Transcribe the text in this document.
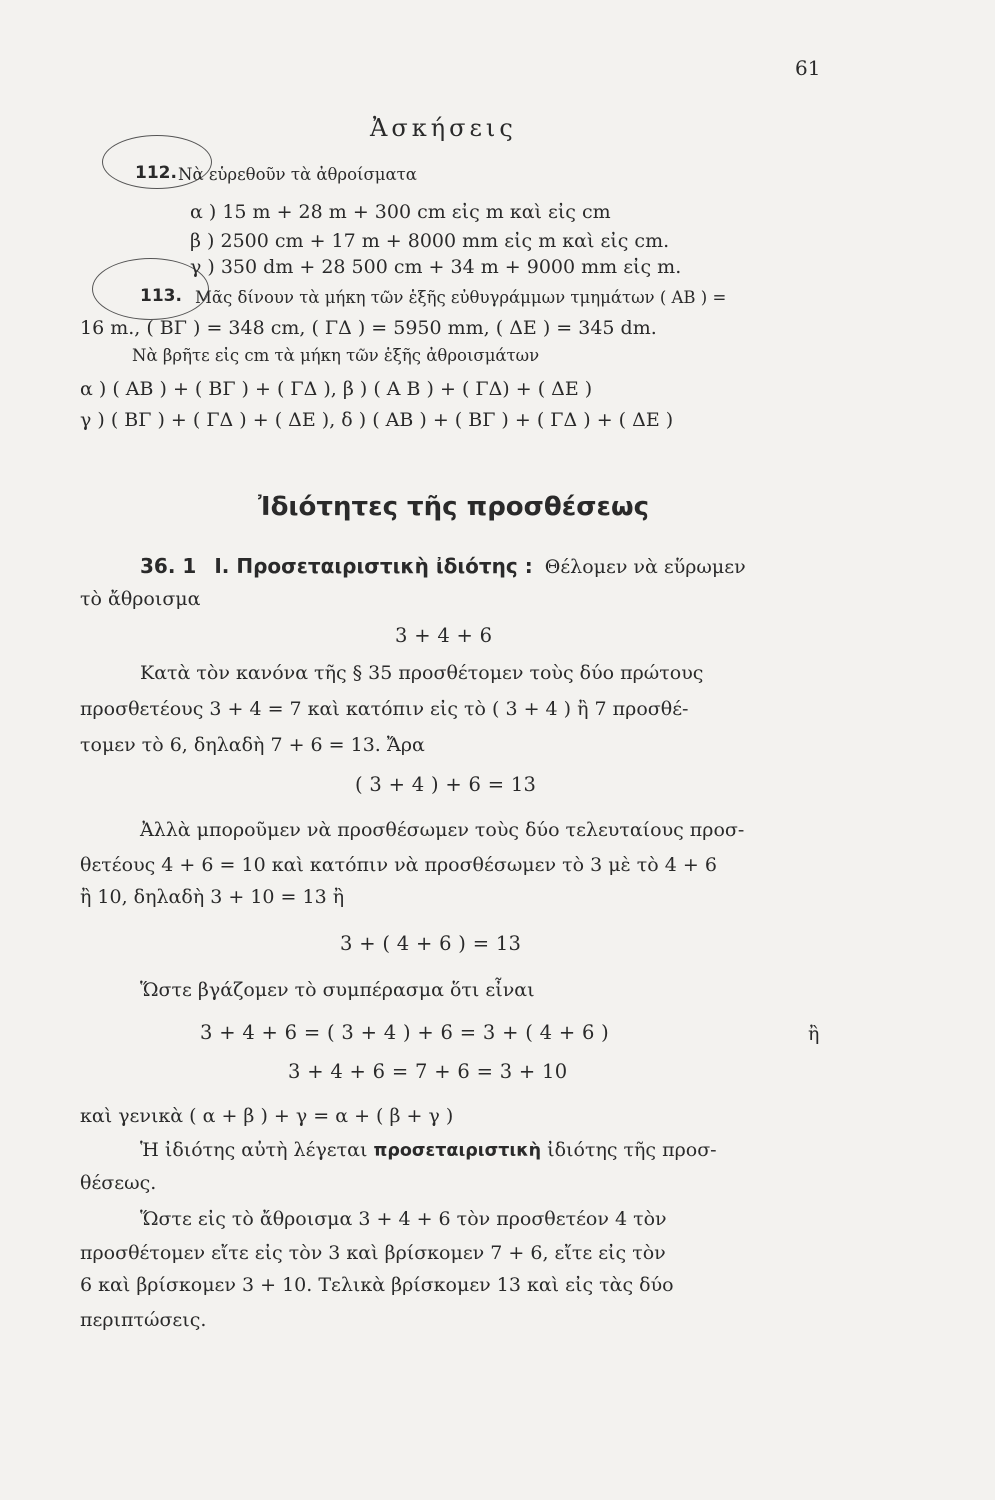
61
Ἀσκήσεις
112. Νὰ εὑρεθοῦν τὰ ἀθροίσματα
α ) 15 m + 28 m + 300 cm εἰς m καὶ εἰς cm
β ) 2500 cm + 17 m + 8000 mm εἰς m καὶ εἰς cm.
γ ) 350 dm + 28 500 cm + 34 m + 9000 mm εἰς m.
113. Μᾶς δίνουν τὰ μήκη τῶν ἑξῆς εὐθυγράμμων τμημάτων ( ΑΒ ) =
16 m., ( ΒΓ ) = 348 cm, ( ΓΔ ) = 5950 mm, ( ΔΕ ) = 345 dm.
Νὰ βρῆτε εἰς cm τὰ μήκη τῶν ἑξῆς ἀθροισμάτων
α ) ( ΑΒ ) + ( ΒΓ ) + ( ΓΔ ), β ) ( Α Β ) + ( ΓΔ) + ( ΔΕ )
γ ) ( ΒΓ ) + ( ΓΔ ) + ( ΔΕ ), δ ) ( ΑΒ ) + ( ΒΓ ) + ( ΓΔ ) + ( ΔΕ )
Ἰδιότητες τῆς προσθέσεως
36. 1 Ι. Προσεταιριστικὴ ἰδιότης : Θέλομεν νὰ εὕρωμεν
τὸ ἄθροισμα
3 + 4 + 6
Κατὰ τὸν κανόνα τῆς § 35 προσθέτομεν τοὺς δύο πρώτους
προσθετέους 3 + 4 = 7 καὶ κατόπιν εἰς τὸ ( 3 + 4 ) ἢ 7 προσθέ-
τομεν τὸ 6, δηλαδὴ 7 + 6 = 13. Ἄρα
( 3 + 4 ) + 6 = 13
Ἀλλὰ μποροῦμεν νὰ προσθέσωμεν τοὺς δύο τελευταίους προσ-
θετέους 4 + 6 = 10 καὶ κατόπιν νὰ προσθέσωμεν τὸ 3 μὲ τὸ 4 + 6
ἢ 10, δηλαδὴ 3 + 10 = 13 ἢ
3 + ( 4 + 6 ) = 13
Ὥστε βγάζομεν τὸ συμπέρασμα ὅτι εἶναι
3 + 4 + 6 = ( 3 + 4 ) + 6 = 3 + ( 4 + 6 )	ἢ
3 + 4 + 6 = 7 + 6 = 3 + 10
καὶ γενικὰ ( α + β ) + γ = α + ( β + γ )
Ἡ ἰδιότης αὐτὴ λέγεται προσεταιριστικὴ ἰδιότης τῆς προσ-
θέσεως.
Ὥστε εἰς τὸ ἄθροισμα 3 + 4 + 6 τὸν προσθετέον 4 τὸν
προσθέτομεν εἴτε εἰς τὸν 3 καὶ βρίσκομεν 7 + 6, εἴτε εἰς τὸν
6 καὶ βρίσκομεν 3 + 10. Τελικὰ βρίσκομεν 13 καὶ εἰς τὰς δύο
περιπτώσεις.
